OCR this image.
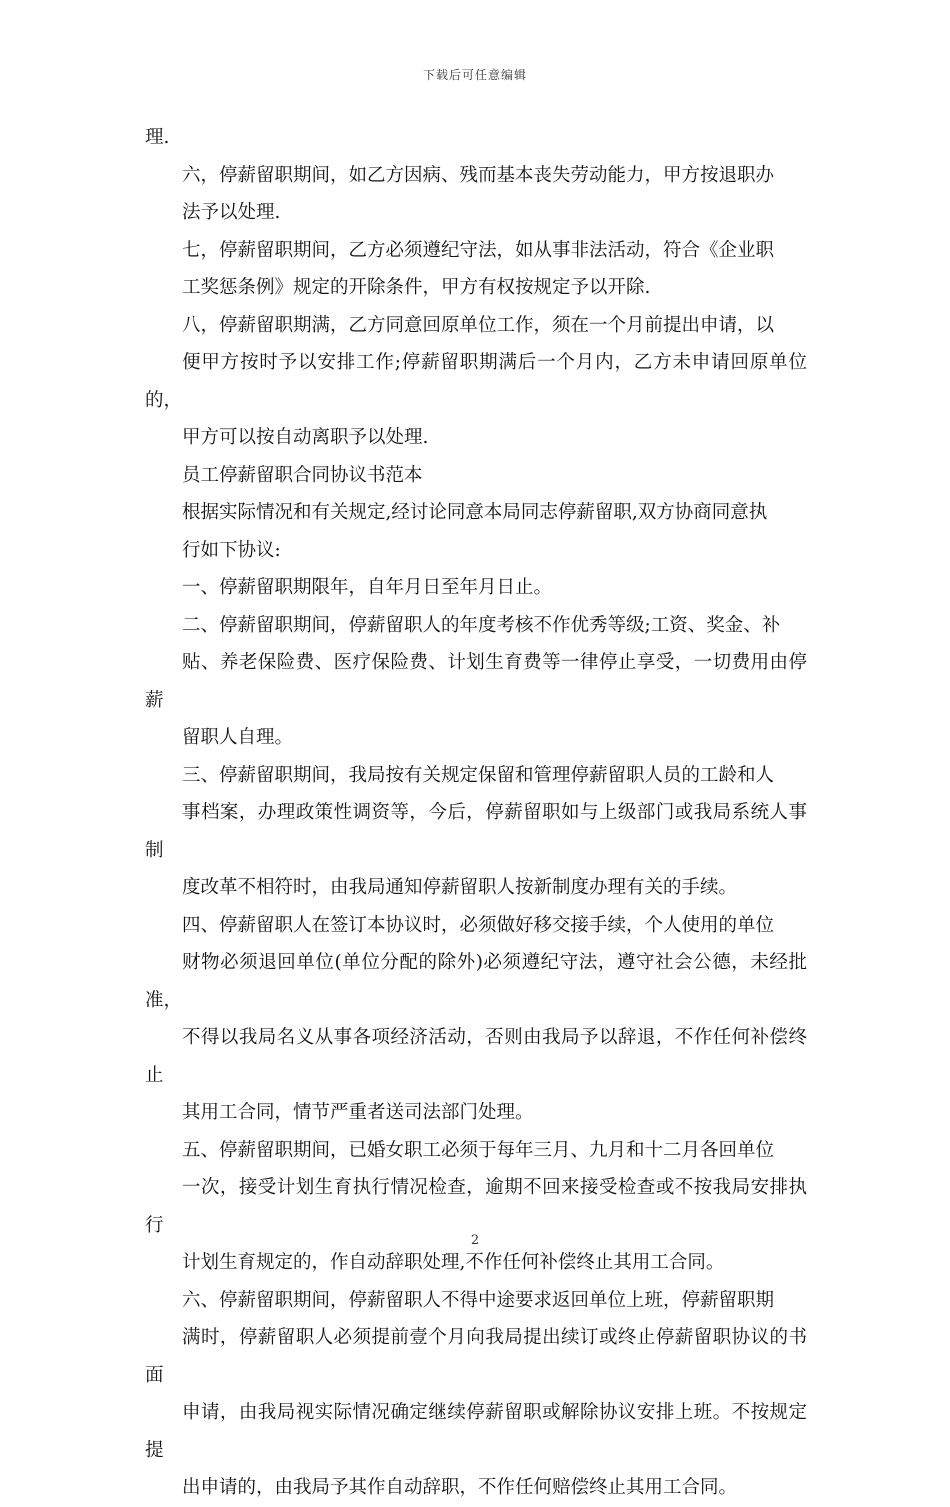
下载后可任意编辑

理.

六，停薪留职期间，如乙方因病、残而基本丧失劳动能力，甲方按退职办
法予以处理.

七，停薪留职期间，乙方必须遵纪守法，如从事非法活动，符合《企业职
工奖惩条例》规定的开除条件，甲方有权按规定予以开除.

八，停薪留职期满，乙方同意回原单位工作，须在一个月前提出申请，以
便甲方按时予以安排工作;停薪留职期满后一个月内，乙方未申请回原单位的，
甲方可以按自动离职予以处理.

员工停薪留职合同协议书范本

根据实际情况和有关规定,经讨论同意本局同志停薪留职,双方协商同意执
行如下协议:

一、停薪留职期限年，自年月日至年月日止。

二、停薪留职期间，停薪留职人的年度考核不作优秀等级;工资、奖金、补
贴、养老保险费、医疗保险费、计划生育费等一律停止享受，一切费用由停薪
留职人自理。

三、停薪留职期间，我局按有关规定保留和管理停薪留职人员的工龄和人
事档案，办理政策性调资等，今后，停薪留职如与上级部门或我局系统人事制
度改革不相符时，由我局通知停薪留职人按新制度办理有关的手续。

四、停薪留职人在签订本协议时，必须做好移交接手续，个人使用的单位
财物必须退回单位(单位分配的除外)必须遵纪守法，遵守社会公德，未经批准，
不得以我局名义从事各项经济活动，否则由我局予以辞退，不作任何补偿终止
其用工合同，情节严重者送司法部门处理。

五、停薪留职期间，已婚女职工必须于每年三月、九月和十二月各回单位
一次，接受计划生育执行情况检查，逾期不回来接受检查或不按我局安排执行
计划生育规定的，作自动辞职处理,不作任何补偿终止其用工合同。

六、停薪留职期间，停薪留职人不得中途要求返回单位上班，停薪留职期
满时，停薪留职人必须提前壹个月向我局提出续订或终止停薪留职协议的书面
申请，由我局视实际情况确定继续停薪留职或解除协议安排上班。不按规定提
出申请的，由我局予其作自动辞职，不作任何赔偿终止其用工合同。

2
